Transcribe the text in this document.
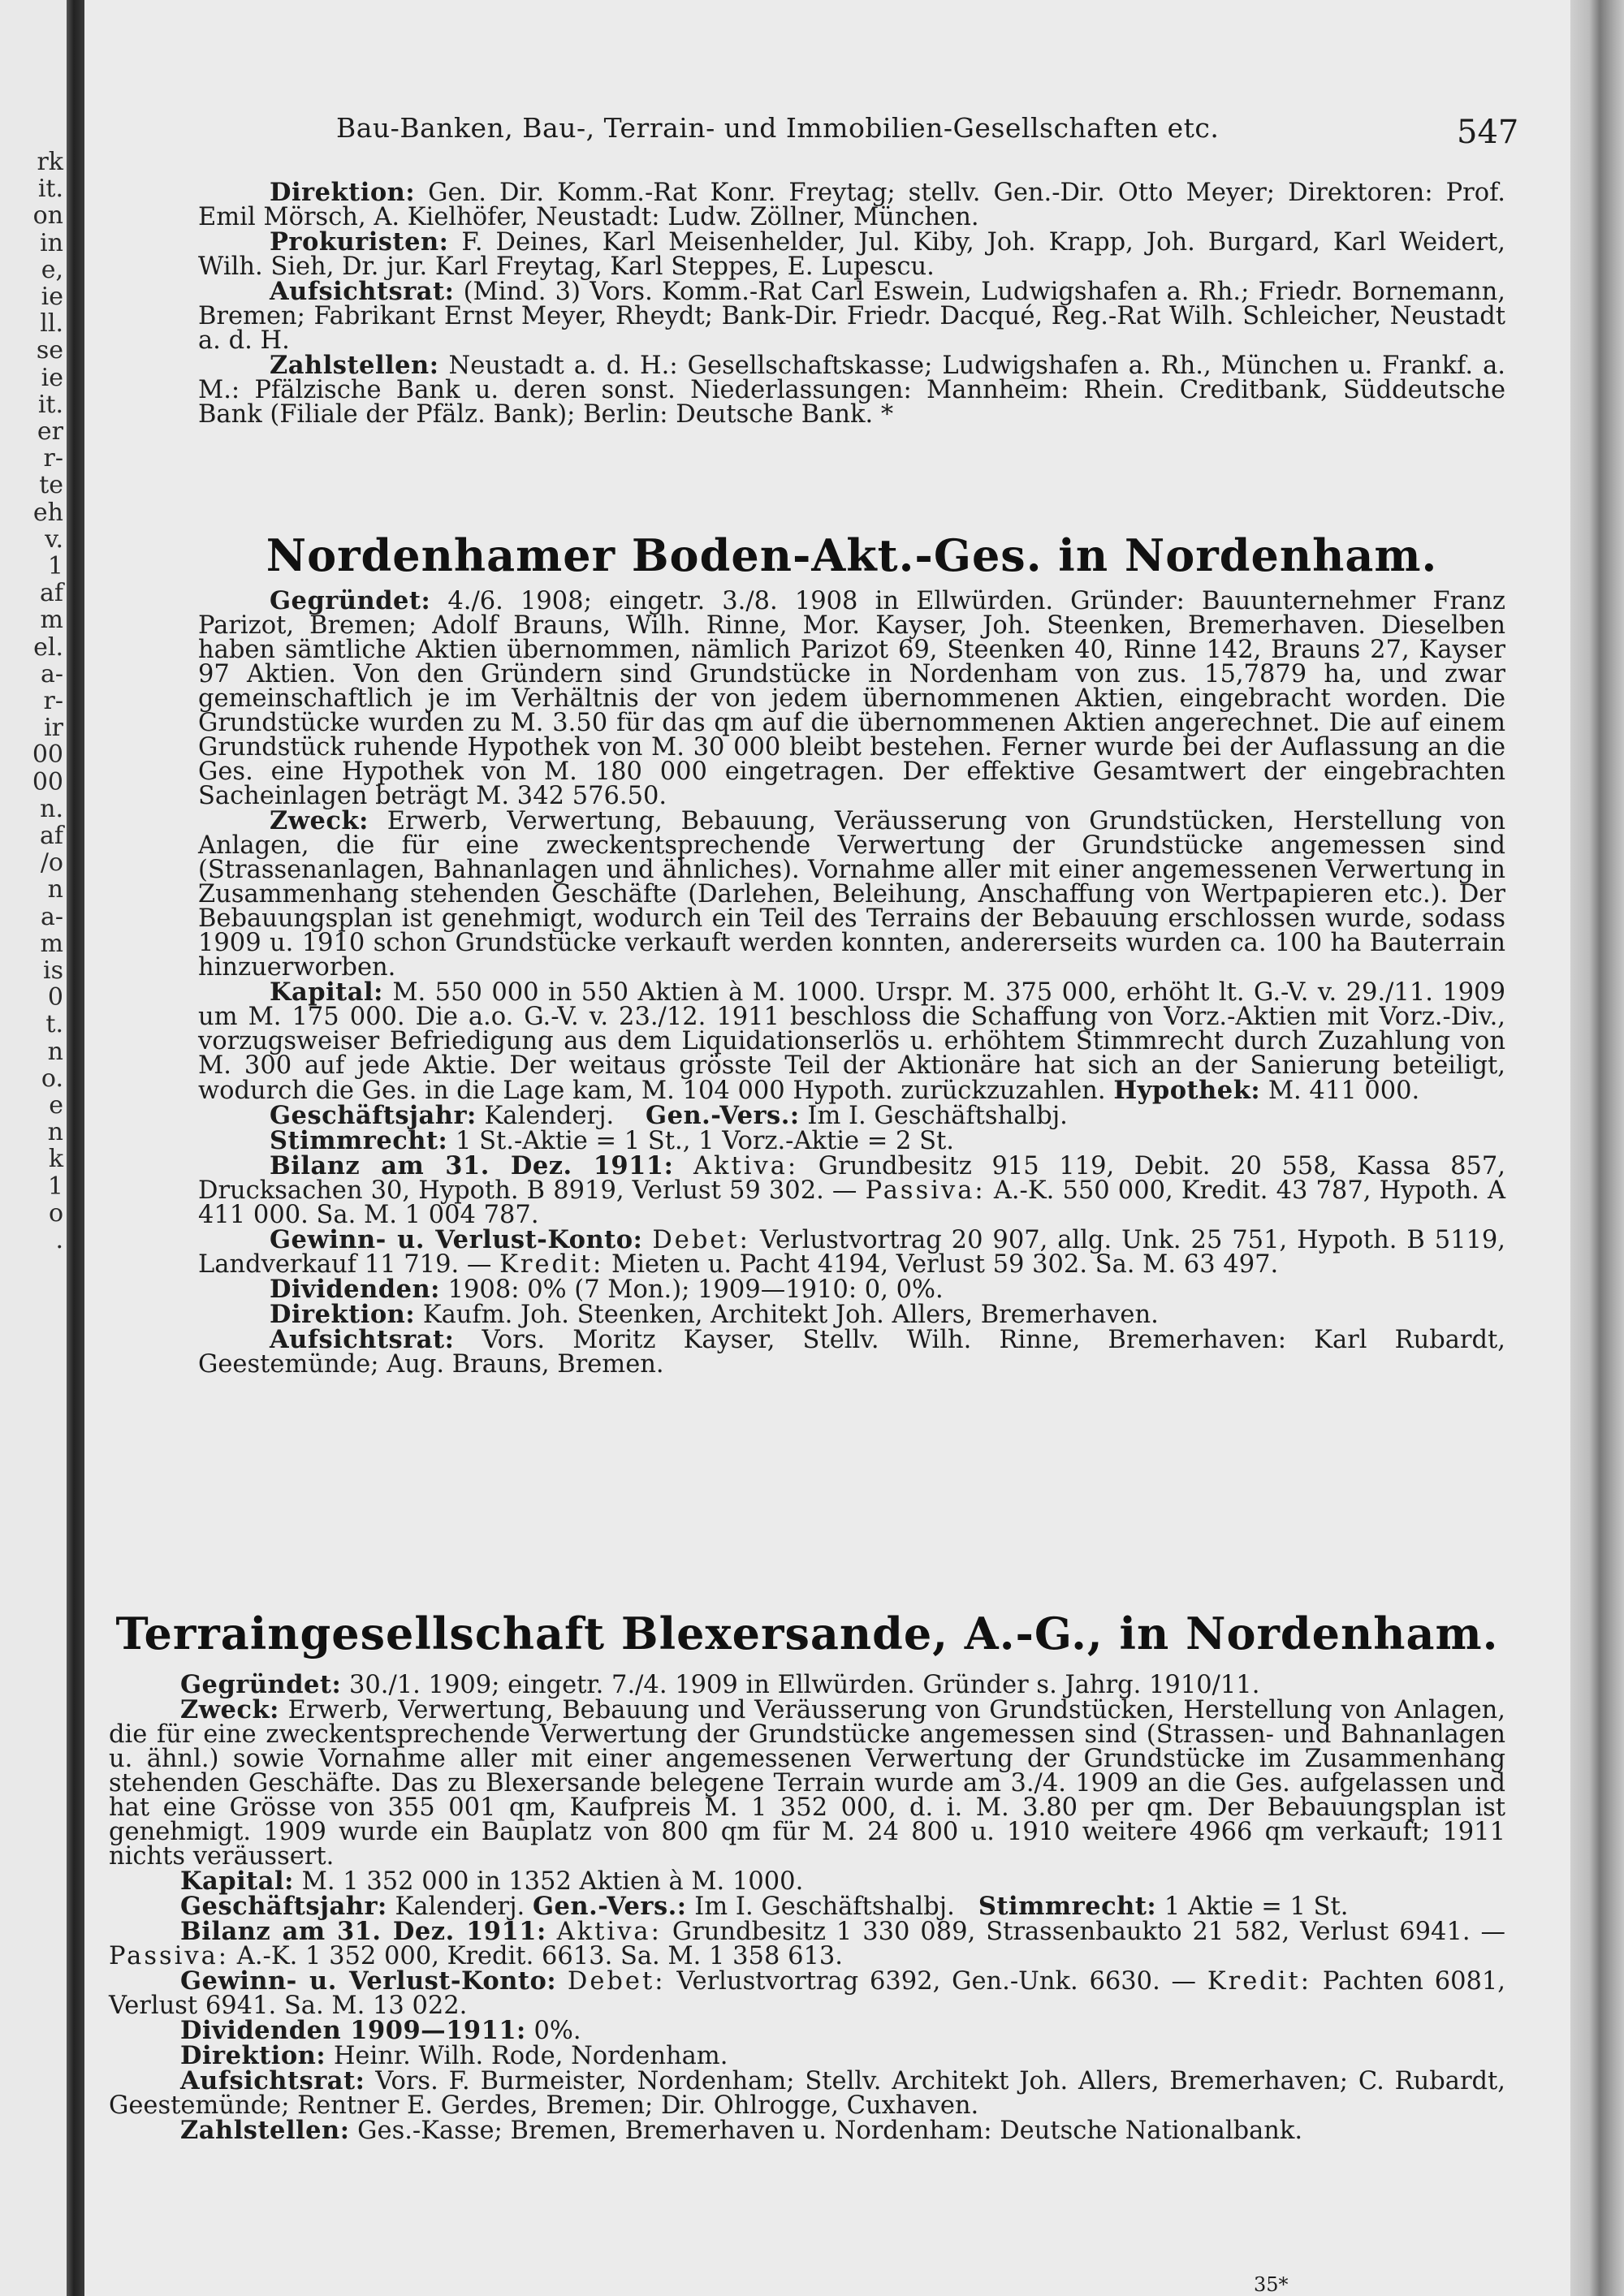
rk
it.
on
in
e,
ie
ll.
se
ie
it.
er
r-
te
eh
v.
1
af
m
el.
a-
r-
ir
00
00
n.
af
/o
n
a-
m
is
0
t.
n
o.
e
n
k
1
o
.
Bau-Banken, Bau-, Terrain- und Immobilien-Gesellschaften etc.	547

Direktion: Gen. Dir. Komm.-Rat Konr. Freytag; stellv. Gen.-Dir. Otto Meyer; Direktoren: Prof. Emil Mörsch, A. Kielhöfer, Neustadt: Ludw. Zöllner, München.

Prokuristen: F. Deines, Karl Meisenhelder, Jul. Kiby, Joh. Krapp, Joh. Burgard, Karl Weidert, Wilh. Sieh, Dr. jur. Karl Freytag, Karl Steppes, E. Lupescu.

Aufsichtsrat: (Mind. 3) Vors. Komm.-Rat Carl Eswein, Ludwigshafen a. Rh.; Friedr. Bornemann, Bremen; Fabrikant Ernst Meyer, Rheydt; Bank-Dir. Friedr. Dacqué, Reg.-Rat Wilh. Schleicher, Neustadt a. d. H.

Zahlstellen: Neustadt a. d. H.: Gesellschaftskasse; Ludwigshafen a. Rh., München u. Frankf. a. M.: Pfälzische Bank u. deren sonst. Niederlassungen: Mannheim: Rhein. Creditbank, Süddeutsche Bank (Filiale der Pfälz. Bank); Berlin: Deutsche Bank. *

Nordenhamer Boden-Akt.-Ges. in Nordenham.

Gegründet: 4./6. 1908; eingetr. 3./8. 1908 in Ellwürden. Gründer: Bauunternehmer Franz Parizot, Bremen; Adolf Brauns, Wilh. Rinne, Mor. Kayser, Joh. Steenken, Bremerhaven. Dieselben haben sämtliche Aktien übernommen, nämlich Parizot 69, Steenken 40, Rinne 142, Brauns 27, Kayser 97 Aktien. Von den Gründern sind Grundstücke in Nordenham von zus. 15,7879 ha, und zwar gemeinschaftlich je im Verhältnis der von jedem übernommenen Aktien, eingebracht worden. Die Grundstücke wurden zu M. 3.50 für das qm auf die übernommenen Aktien angerechnet. Die auf einem Grundstück ruhende Hypothek von M. 30 000 bleibt bestehen. Ferner wurde bei der Auflassung an die Ges. eine Hypothek von M. 180 000 eingetragen. Der effektive Gesamtwert der eingebrachten Sacheinlagen beträgt M. 342 576.50.

Zweck: Erwerb, Verwertung, Bebauung, Veräusserung von Grundstücken, Herstellung von Anlagen, die für eine zweckentsprechende Verwertung der Grundstücke angemessen sind (Strassenanlagen, Bahnanlagen und ähnliches). Vornahme aller mit einer angemessenen Verwertung in Zusammenhang stehenden Geschäfte (Darlehen, Beleihung, Anschaffung von Wertpapieren etc.). Der Bebauungsplan ist genehmigt, wodurch ein Teil des Terrains der Bebauung erschlossen wurde, sodass 1909 u. 1910 schon Grundstücke verkauft werden konnten, andererseits wurden ca. 100 ha Bauterrain hinzuerworben.

Kapital: M. 550 000 in 550 Aktien à M. 1000. Urspr. M. 375 000, erhöht lt. G.-V. v. 29./11. 1909 um M. 175 000. Die a.o. G.-V. v. 23./12. 1911 beschloss die Schaffung von Vorz.-Aktien mit Vorz.-Div., vorzugsweiser Befriedigung aus dem Liquidationserlös u. erhöhtem Stimmrecht durch Zuzahlung von M. 300 auf jede Aktie. Der weitaus grösste Teil der Aktionäre hat sich an der Sanierung beteiligt, wodurch die Ges. in die Lage kam, M. 104 000 Hypoth. zurückzuzahlen. Hypothek: M. 411 000.

Geschäftsjahr: Kalenderj. Gen.-Vers.: Im I. Geschäftshalbj.

Stimmrecht: 1 St.-Aktie = 1 St., 1 Vorz.-Aktie = 2 St.

Bilanz am 31. Dez. 1911: Aktiva: Grundbesitz 915 119, Debit. 20 558, Kassa 857, Drucksachen 30, Hypoth. B 8919, Verlust 59 302. — Passiva: A.-K. 550 000, Kredit. 43 787, Hypoth. A 411 000. Sa. M. 1 004 787.

Gewinn- u. Verlust-Konto: Debet: Verlustvortrag 20 907, allg. Unk. 25 751, Hypoth. B 5119, Landverkauf 11 719. — Kredit: Mieten u. Pacht 4194, Verlust 59 302. Sa. M. 63 497.

Dividenden: 1908: 0% (7 Mon.); 1909—1910: 0, 0%.

Direktion: Kaufm. Joh. Steenken, Architekt Joh. Allers, Bremerhaven.

Aufsichtsrat: Vors. Moritz Kayser, Stellv. Wilh. Rinne, Bremerhaven: Karl Rubardt, Geestemünde; Aug. Brauns, Bremen.

Terraingesellschaft Blexersande, A.-G., in Nordenham.

Gegründet: 30./1. 1909; eingetr. 7./4. 1909 in Ellwürden. Gründer s. Jahrg. 1910/11.

Zweck: Erwerb, Verwertung, Bebauung und Veräusserung von Grundstücken, Herstellung von Anlagen, die für eine zweckentsprechende Verwertung der Grundstücke angemessen sind (Strassen- und Bahnanlagen u. ähnl.) sowie Vornahme aller mit einer angemessenen Verwertung der Grundstücke im Zusammenhang stehenden Geschäfte. Das zu Blexersande belegene Terrain wurde am 3./4. 1909 an die Ges. aufgelassen und hat eine Grösse von 355 001 qm, Kaufpreis M. 1 352 000, d. i. M. 3.80 per qm. Der Bebauungsplan ist genehmigt. 1909 wurde ein Bauplatz von 800 qm für M. 24 800 u. 1910 weitere 4966 qm verkauft; 1911 nichts veräussert.

Kapital: M. 1 352 000 in 1352 Aktien à M. 1000.

Geschäftsjahr: Kalenderj. Gen.-Vers.: Im I. Geschäftshalbj. Stimmrecht: 1 Aktie = 1 St.

Bilanz am 31. Dez. 1911: Aktiva: Grundbesitz 1 330 089, Strassenbaukto 21 582, Verlust 6941. — Passiva: A.-K. 1 352 000, Kredit. 6613. Sa. M. 1 358 613.

Gewinn- u. Verlust-Konto: Debet: Verlustvortrag 6392, Gen.-Unk. 6630. — Kredit: Pachten 6081, Verlust 6941. Sa. M. 13 022.

Dividenden 1909—1911: 0%.

Direktion: Heinr. Wilh. Rode, Nordenham.

Aufsichtsrat: Vors. F. Burmeister, Nordenham; Stellv. Architekt Joh. Allers, Bremerhaven; C. Rubardt, Geestemünde; Rentner E. Gerdes, Bremen; Dir. Ohlrogge, Cuxhaven.

Zahlstellen: Ges.-Kasse; Bremen, Bremerhaven u. Nordenham: Deutsche Nationalbank.

35*
